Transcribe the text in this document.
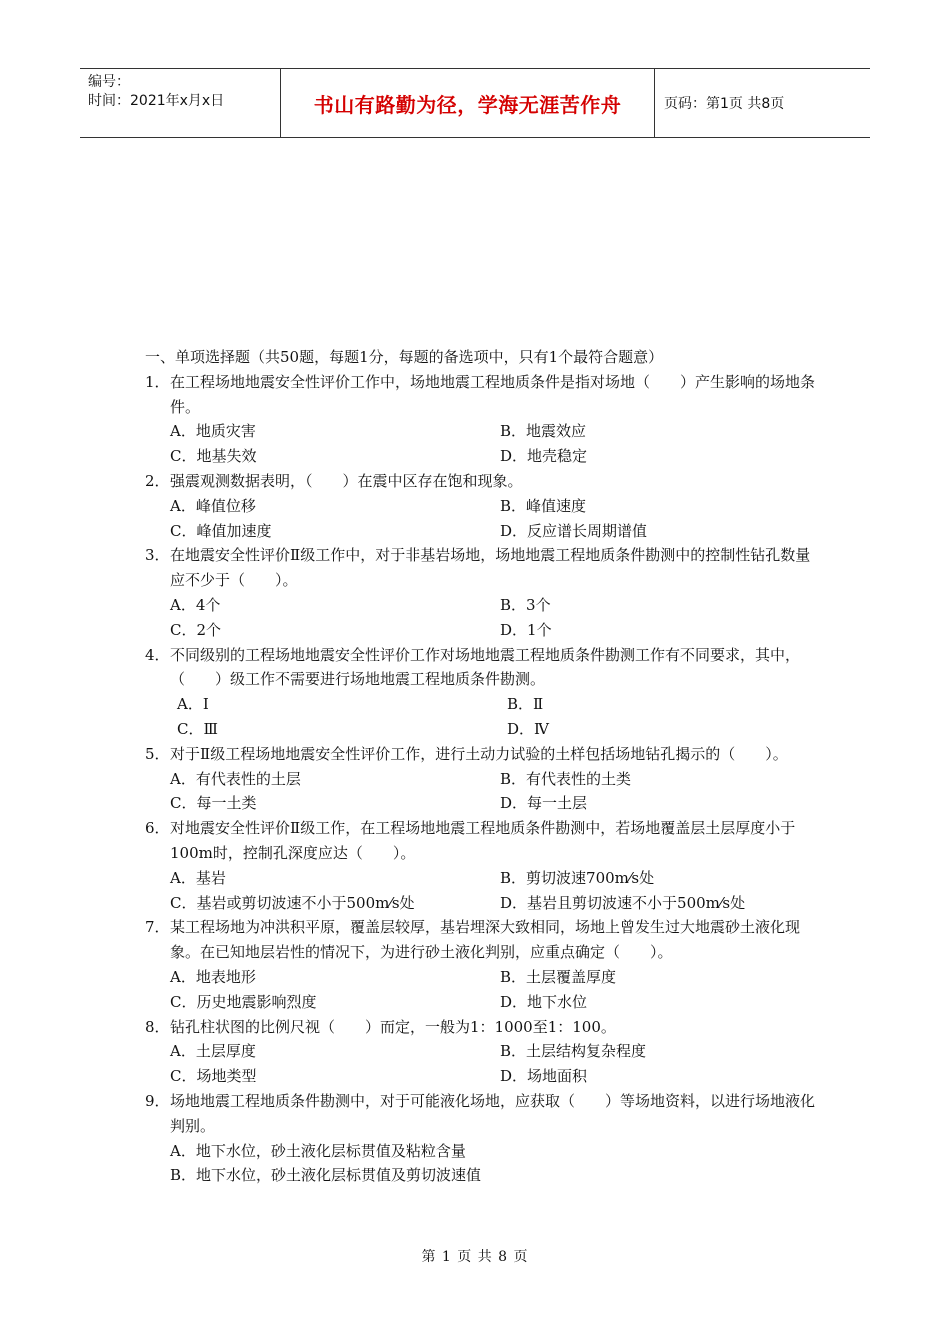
编号：
时间：2021年x月x日	书山有路勤为径，学海无涯苦作舟	页码：第1页 共8页

一、单项选择题（共50题，每题1分，每题的备选项中，只有1个最符合题意）

1． 在工程场地地震安全性评价工作中，场地地震工程地质条件是指对场地（　　）产生影响的场地条件。
A．地质灾害	B．地震效应
C．地基失效	D．地壳稳定
2． 强震观测数据表明，（　　）在震中区存在饱和现象。
A．峰值位移	B．峰值速度
C．峰值加速度	D．反应谱长周期谱值
3． 在地震安全性评价Ⅱ级工作中，对于非基岩场地，场地地震工程地质条件勘测中的控制性钻孔数量应不少于（　　）。
A．4个	B．3个
C．2个	D．1个
4． 不同级别的工程场地地震安全性评价工作对场地地震工程地质条件勘测工作有不同要求，其中，（　　）级工作不需要进行场地地震工程地质条件勘测。
A．Ⅰ	B．Ⅱ
C．Ⅲ	D．Ⅳ
5． 对于Ⅱ级工程场地地震安全性评价工作，进行土动力试验的土样包括场地钻孔揭示的（　　）。
A．有代表性的土层	B．有代表性的土类
C．每一土类	D．每一土层
6． 对地震安全性评价Ⅱ级工作，在工程场地地震工程地质条件勘测中，若场地覆盖层土层厚度小于100m时，控制孔深度应达（　　）。
A．基岩	B．剪切波速700m⁄s处
C．基岩或剪切波速不小于500m⁄s处	D．基岩且剪切波速不小于500m⁄s处
7． 某工程场地为冲洪积平原，覆盖层较厚，基岩埋深大致相同，场地上曾发生过大地震砂土液化现象。在已知地层岩性的情况下，为进行砂土液化判别，应重点确定（　　）。
A．地表地形	B．土层覆盖厚度
C．历史地震影响烈度	D．地下水位
8． 钻孔柱状图的比例尺视（　　）而定，一般为1：1000至1：100。
A．土层厚度	B．土层结构复杂程度
C．场地类型	D．场地面积
9． 场地地震工程地质条件勘测中，对于可能液化场地，应获取（　　）等场地资料，以进行场地液化判别。
A．地下水位，砂土液化层标贯值及粘粒含量
B．地下水位，砂土液化层标贯值及剪切波速值
第 1 页 共 8 页
